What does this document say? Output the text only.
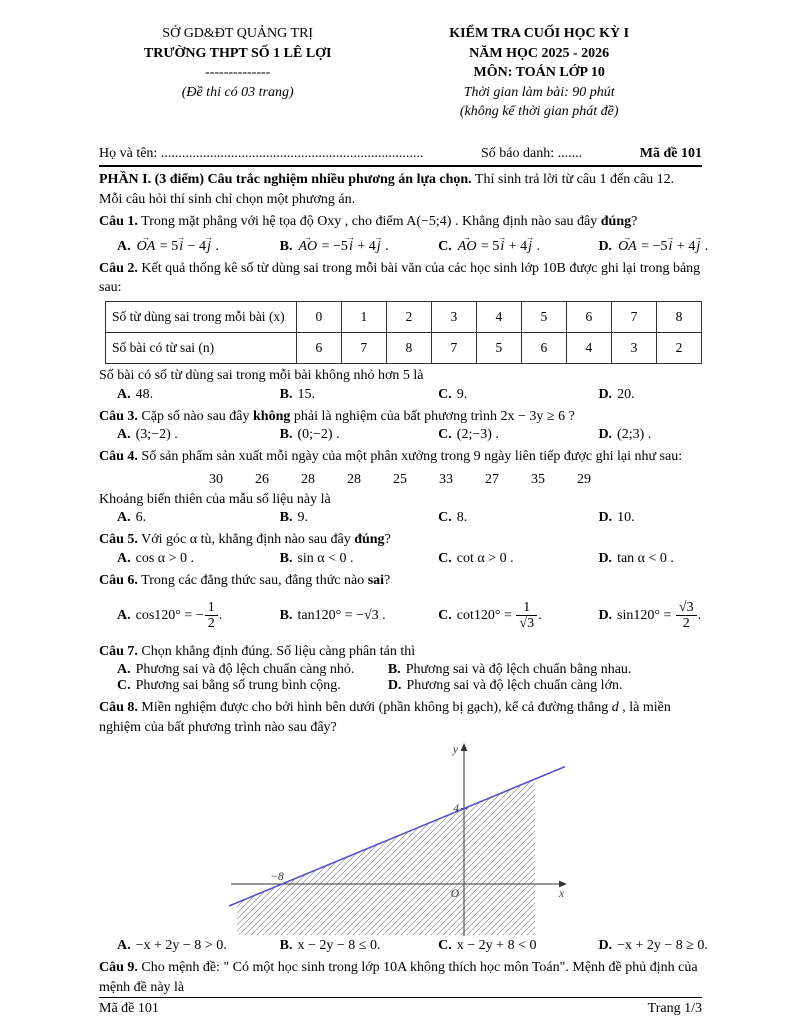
SỞ GD&ĐT QUẢNG TRỊ

TRƯỜNG THPT SỐ 1 LÊ LỢI

--------------

(Đề thi có 03 trang)

KIỂM TRA CUỐI HỌC KỲ I

NĂM HỌC 2025 - 2026

MÔN: TOÁN LỚP 10

Thời gian làm bài: 90 phút

(không kể thời gian phát đề)

Họ và tên: ...........................................................................	Số báo danh: .......	Mã đề 101

PHẦN I. (3 điểm) Câu trắc nghiệm nhiều phương án lựa chọn. Thí sinh trả lời từ câu 1 đến câu 12.
Mỗi câu hỏi thí sinh chỉ chọn một phương án.

Câu 1. Trong mặt phẳng với hệ tọa độ Oxy , cho điểm A(−5;4) . Khẳng định nào sau đây đúng?

A. OA → = 5i → − 4j → .	B. AO → = −5i → + 4j → .	C. AO → = 5i → + 4j → .	D. OA → = −5i → + 4j → .

Câu 2. Kết quả thống kê số từ dùng sai trong mỗi bài văn của các học sinh lớp 10B được ghi lại trong bảng sau:

Số từ dùng sai trong mỗi bài (x)	0	1	2	3	4	5	6	7	8
Số bài có từ sai (n)	6	7	8	7	5	6	4	3	2

Số bài có số từ dùng sai trong mỗi bài không nhỏ hơn 5 là

A. 48.	B. 15.	C. 9.	D. 20.

Câu 3. Cặp số nào sau đây không phải là nghiệm của bất phương trình 2x − 3y ≥ 6 ?

A. (3;−2) .	B. (0;−2) .	C. (2;−3) .	D. (2;3) .

Câu 4. Số sản phẩm sản xuất mỗi ngày của một phân xưởng trong 9 ngày liên tiếp được ghi lại như sau:

30 26 28 28 25 33 27 35 29

Khoảng biến thiên của mẫu số liệu này là

A. 6.	B. 9.	C. 8.	D. 10.

Câu 5. Với góc α tù, khẳng định nào sau đây đúng?

A. cos α > 0 .	B. sin α < 0 .	C. cot α > 0 .	D. tan α < 0 .

Câu 6. Trong các đẳng thức sau, đẳng thức nào sai?

A. cos120° = − $\frac{1}{2}$ .	B. tan120° = −√3 .	C. $\cot 120^\circ = \frac{1}{√3}$ .	D. $\sin 120^\circ = \frac{√3}{2}$ .

Câu 7. Chọn khẳng định đúng. Số liệu càng phân tán thì

A. Phương sai và độ lệch chuẩn càng nhỏ.	B. Phương sai và độ lệch chuẩn bằng nhau.
C. Phương sai bằng số trung bình cộng.	D. Phương sai và độ lệch chuẩn càng lớn.

Câu 8. Miền nghiệm được cho bởi hình bên dưới (phần không bị gạch), kể cả đường thẳng d , là miền nghiệm của bất phương trình nào sau đây?

y
x
O
4
−8
A. −x + 2y − 8 > 0.	B. x − 2y − 8 ≤ 0.	C. x − 2y + 8 < 0	D. −x + 2y − 8 ≥ 0.

Câu 9. Cho mệnh đề: " Có một học sinh trong lớp 10A không thích học môn Toán". Mệnh đề phủ định của mệnh đề này là

Mã đề 101	Trang 1/3
